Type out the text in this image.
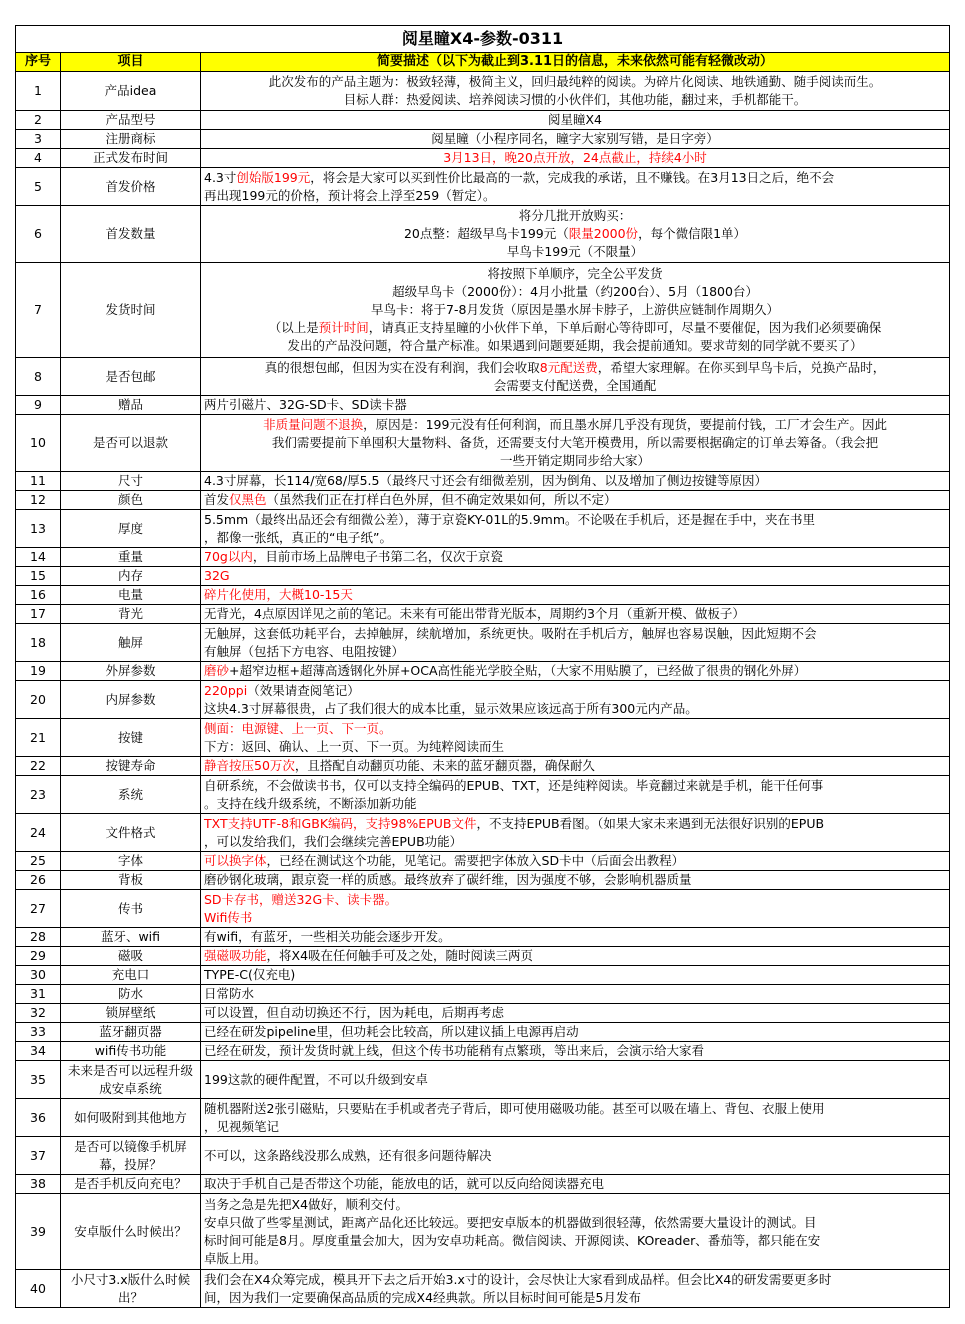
阅星瞳X4-参数-0311		
序号	项目	简要描述（以下为截止到3.11日的信息，未来依然可能有轻微改动）
1	产品idea	此次发布的产品主题为：极致轻薄，极简主义，回归最纯粹的阅读。为碎片化阅读、地铁通勤、随手阅读而生。
目标人群：热爱阅读、培养阅读习惯的小伙伴们，其他功能，翻过来，手机都能干。

2	产品型号	阅星瞳X4

3	注册商标	阅星瞳（小程序同名，瞳字大家别写错，是日字旁）

4	正式发布时间	3月13日，晚20点开放，24点截止，持续4小时

5	首发价格	4.3寸创始版199元，将会是大家可以买到性价比最高的一款，完成我的承诺，且不赚钱。在3月13日之后，绝不会
再出现199元的价格，预计将会上浮至259（暂定）。

6	首发数量	将分几批开放购买：
20点整：超级早鸟卡199元（限量2000份，每个微信限1单）
早鸟卡199元（不限量）

7	发货时间	将按照下单顺序，完全公平发货
超级早鸟卡（2000份）：4月小批量（约200台）、5月（1800台）
早鸟卡：将于7-8月发货（原因是墨水屏卡脖子，上游供应链制作周期久）
（以上是预计时间，请真正支持星瞳的小伙伴下单，下单后耐心等待即可，尽量不要催促，因为我们必须要确保
发出的产品没问题，符合量产标准。如果遇到问题要延期，我会提前通知。要求苛刻的同学就不要买了）

8	是否包邮	真的很想包邮，但因为实在没有利润，我们会收取8元配送费，希望大家理解。在你买到早鸟卡后，兑换产品时，
会需要支付配送费，全国通配

9	赠品	两片引磁片、32G-SD卡、SD读卡器

10	是否可以退款	非质量问题不退换，原因是：199元没有任何利润，而且墨水屏几乎没有现货，要提前付钱，工厂才会生产。因此
我们需要提前下单囤积大量物料、备货，还需要支付大笔开模费用，所以需要根据确定的订单去筹备。（我会把
一些开销定期同步给大家）

11	尺寸	4.3寸屏幕，长114/宽68/厚5.5（最终尺寸还会有细微差别，因为倒角、以及增加了侧边按键等原因）

12	颜色	首发仅黑色（虽然我们正在打样白色外屏，但不确定效果如何，所以不定）

13	厚度	5.5mm（最终出品还会有细微公差），薄于京瓷KY-01L的5.9mm。不论吸在手机后，还是握在手中，夹在书里
，都像一张纸，真正的“电子纸”。

14	重量	70g以内，目前市场上品牌电子书第二名，仅次于京瓷

15	内存	32G

16	电量	碎片化使用，大概10-15天

17	背光	无背光，4点原因详见之前的笔记。未来有可能出带背光版本，周期约3个月（重新开模、做板子）

18	触屏	无触屏，这套低功耗平台，去掉触屏，续航增加，系统更快。吸附在手机后方，触屏也容易误触，因此短期不会
有触屏（包括下方电容、电阻按键）

19	外屏参数	磨砂+超窄边框+超薄高透钢化外屏+OCA高性能光学胶全贴，（大家不用贴膜了，已经做了很贵的钢化外屏）

20	内屏参数	220ppi（效果请查阅笔记）
这块4.3寸屏幕很贵，占了我们很大的成本比重，显示效果应该远高于所有300元内产品。

21	按键	侧面：电源键、上一页、下一页。
下方：返回、确认、上一页、下一页。为纯粹阅读而生

22	按键寿命	静音按压50万次，且搭配自动翻页功能、未来的蓝牙翻页器，确保耐久

23	系统	自研系统，不会做读书书，仅可以支持全编码的EPUB、TXT，还是纯粹阅读。毕竟翻过来就是手机，能干任何事
。支持在线升级系统，不断添加新功能

24	文件格式	TXT支持UTF-8和GBK编码，支持98%EPUB文件，不支持EPUB看图。（如果大家未来遇到无法很好识别的EPUB
，可以发给我们，我们会继续完善EPUB功能）

25	字体	可以换字体，已经在测试这个功能，见笔记。需要把字体放入SD卡中（后面会出教程）

26	背板	磨砂钢化玻璃，跟京瓷一样的质感。最终放弃了碳纤维，因为强度不够，会影响机器质量

27	传书	SD卡存书，赠送32G卡、读卡器。
Wifi传书

28	蓝牙、wifi	有wifi，有蓝牙，一些相关功能会逐步开发。

29	磁吸	强磁吸功能，将X4吸在任何触手可及之处，随时阅读三两页

30	充电口	TYPE-C(仅充电)

31	防水	日常防水

32	锁屏壁纸	可以设置，但自动切换还不行，因为耗电，后期再考虑

33	蓝牙翻页器	已经在研发pipeline里，但功耗会比较高，所以建议插上电源再启动

34	wifi传书功能	已经在研发，预计发货时就上线，但这个传书功能稍有点繁琐，等出来后，会演示给大家看

35	未来是否可以远程升级成安卓系统	199这款的硬件配置，不可以升级到安卓

36	如何吸附到其他地方	随机器附送2张引磁贴，只要贴在手机或者壳子背后，即可使用磁吸功能。甚至可以吸在墙上、背包、衣服上使用
，见视频笔记

37	是否可以镜像手机屏幕，投屏？	不可以，这条路线没那么成熟，还有很多问题待解决

38	是否手机反向充电？	取决于手机自己是否带这个功能，能放电的话，就可以反向给阅读器充电

39	安卓版什么时候出？	当务之急是先把X4做好，顺利交付。
安卓只做了些零星测试，距离产品化还比较远。要把安卓版本的机器做到很轻薄，依然需要大量设计的测试。目
标时间可能是8月。厚度重量会加大，因为安卓功耗高。微信阅读、开源阅读、KOreader、番茄等，都只能在安
卓版上用。

40	小尺寸3.x版什么时候出？	我们会在X4众筹完成，模具开下去之后开始3.x寸的设计，会尽快让大家看到成品样。但会比X4的研发需要更多时
间，因为我们一定要确保高品质的完成X4经典款。所以目标时间可能是5月发布
